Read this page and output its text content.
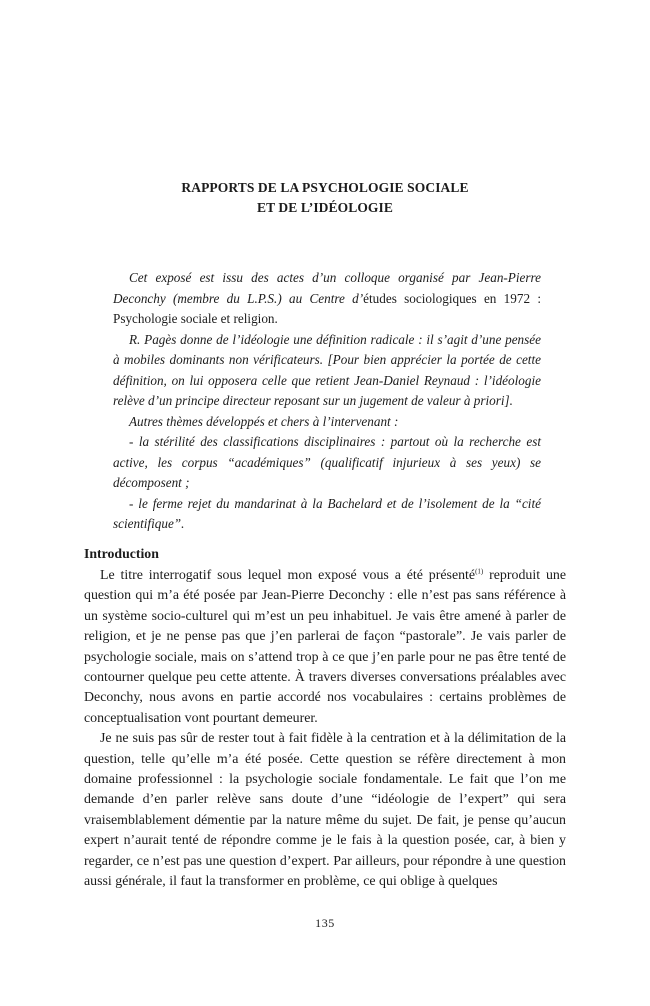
RAPPORTS DE LA PSYCHOLOGIE SOCIALE
ET DE L’IDÉOLOGIE

Cet exposé est issu des actes d’un colloque organisé par Jean-Pierre Deconchy (membre du L.P.S.) au Centre d’études sociologiques en 1972 : Psychologie sociale et religion.

R. Pagès donne de l’idéologie une définition radicale : il s’agit d’une pensée à mobiles dominants non vérificateurs. [Pour bien apprécier la portée de cette définition, on lui opposera celle que retient Jean-Daniel Reynaud : l’idéologie relève d’un principe directeur reposant sur un jugement de valeur à priori].

Autres thèmes développés et chers à l’intervenant :

- la stérilité des classifications disciplinaires : partout où la recherche est active, les corpus “académiques” (qualificatif injurieux à ses yeux) se décomposent ;

- le ferme rejet du mandarinat à la Bachelard et de l’isolement de la “cité scientifique”.

Introduction

Le titre interrogatif sous lequel mon exposé vous a été présenté$^{(1)}$ reproduit une question qui m’a été posée par Jean-Pierre Deconchy : elle n’est pas sans référence à un système socio-culturel qui m’est un peu inhabituel. Je vais être amené à parler de religion, et je ne pense pas que j’en parlerai de façon “pastorale”. Je vais parler de psychologie sociale, mais on s’attend trop à ce que j’en parle pour ne pas être tenté de contourner quelque peu cette attente. À travers diverses conversations préalables avec Deconchy, nous avons en partie accordé nos vocabulaires : certains problèmes de conceptualisation vont pourtant demeurer.

Je ne suis pas sûr de rester tout à fait fidèle à la centration et à la délimitation de la question, telle qu’elle m’a été posée. Cette question se réfère directement à mon domaine professionnel : la psychologie sociale fondamentale. Le fait que l’on me demande d’en parler relève sans doute d’une “idéologie de l’expert” qui sera vraisemblablement démentie par la nature même du sujet. De fait, je pense qu’aucun expert n’aurait tenté de répondre comme je le fais à la question posée, car, à bien y regarder, ce n’est pas une question d’expert. Par ailleurs, pour répondre à une question aussi générale, il faut la transformer en problème, ce qui oblige à quelques

135
